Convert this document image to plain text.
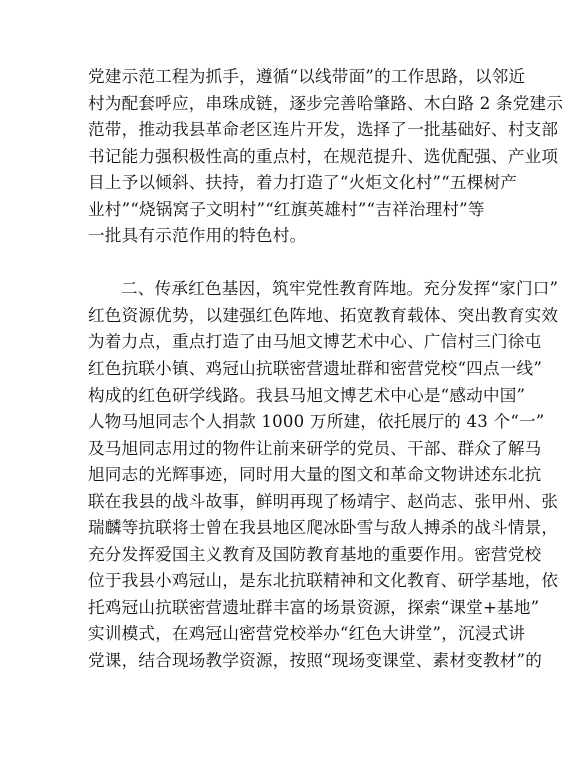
党建示范工程为抓手，遵循“以线带面”的工作思路，以邻近
村为配套呼应，串珠成链，逐步完善哈肇路、木白路 2 条党建示
范带，推动我县革命老区连片开发，选择了一批基础好、村支部
书记能力强积极性高的重点村，在规范提升、选优配强、产业项
目上予以倾斜、扶持，着力打造了“火炬文化村”“五棵树产
业村”“烧锅窝子文明村”“红旗英雄村”“吉祥治理村”等
一批具有示范作用的特色村。
二、传承红色基因，筑牢党性教育阵地。充分发挥“家门口”
红色资源优势，以建强红色阵地、拓宽教育载体、突出教育实效
为着力点，重点打造了由马旭文博艺术中心、广信村三门徐屯
红色抗联小镇、鸡冠山抗联密营遗址群和密营党校“四点一线”
构成的红色研学线路。我县马旭文博艺术中心是“感动中国”
人物马旭同志个人捐款 1000 万所建，依托展厅的 43 个“一”
及马旭同志用过的物件让前来研学的党员、干部、群众了解马
旭同志的光辉事迹，同时用大量的图文和革命文物讲述东北抗
联在我县的战斗故事，鲜明再现了杨靖宇、赵尚志、张甲州、张
瑞麟等抗联将士曾在我县地区爬冰卧雪与敌人搏杀的战斗情景，
充分发挥爱国主义教育及国防教育基地的重要作用。密营党校
位于我县小鸡冠山，是东北抗联精神和文化教育、研学基地，依
托鸡冠山抗联密营遗址群丰富的场景资源，探索“课堂+基地”
实训模式，在鸡冠山密营党校举办“红色大讲堂”，沉浸式讲
党课，结合现场教学资源，按照“现场变课堂、素材变教材”的
